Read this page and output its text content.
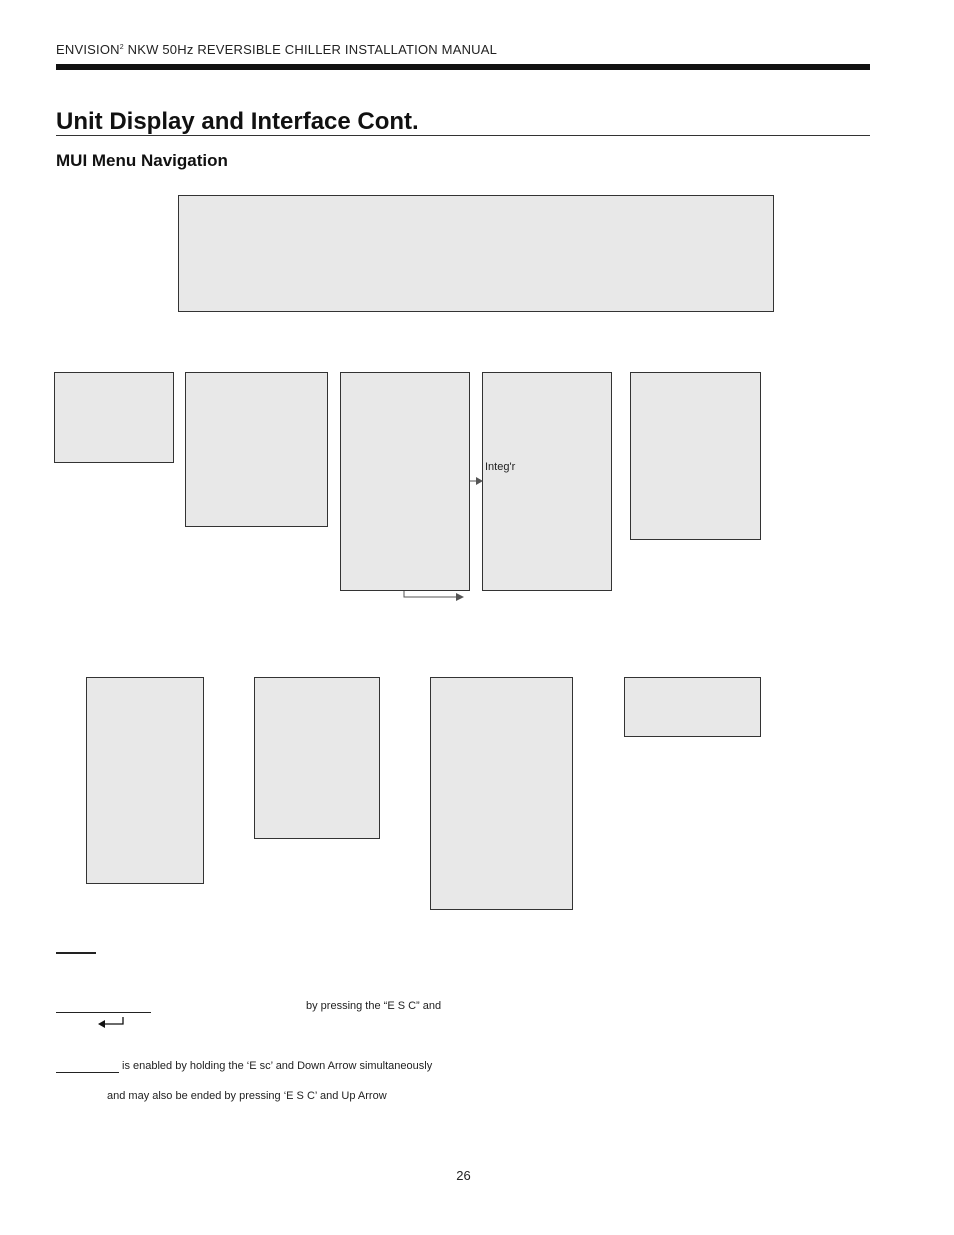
ENVISION$^2$ NKW 50Hz REVERSIBLE CHILLER INSTALLATION MANUAL
Unit Display and Interface Cont.
MUI Menu Navigation
Integ'r
by pressing the “E S C” and
is enabled by holding the ‘E sc’ and Down Arrow simultaneously
and may also be ended by pressing ‘E S C’ and Up Arrow
26
